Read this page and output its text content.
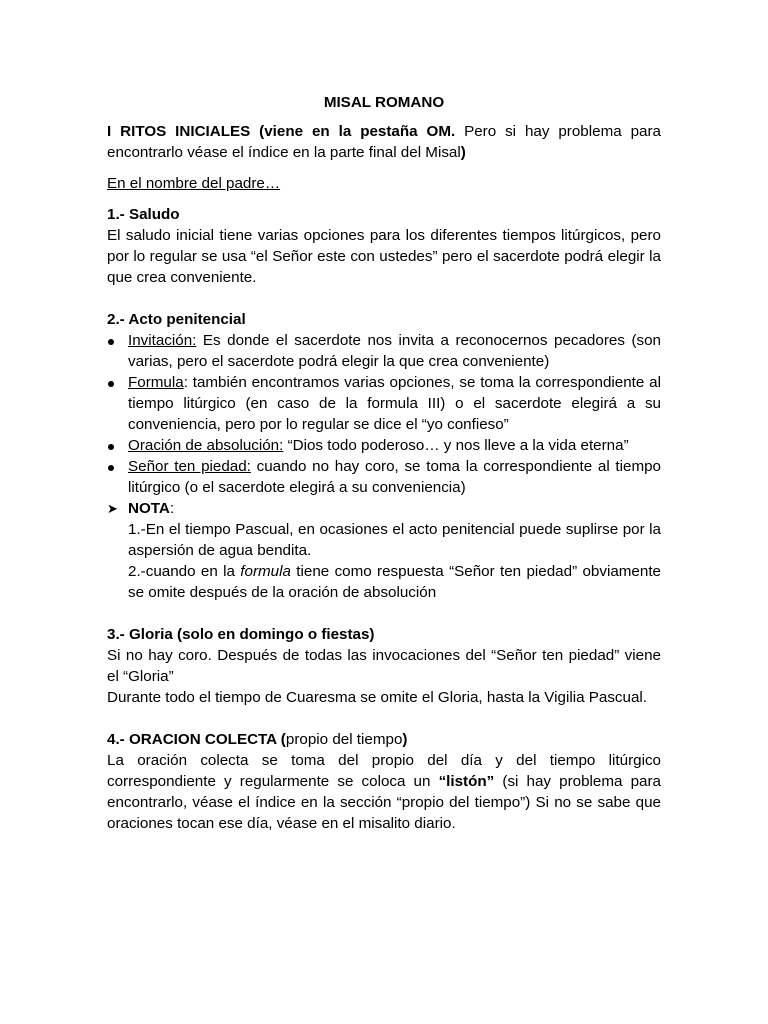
MISAL ROMANO

I RITOS INICIALES (viene en la pestaña OM. Pero si hay problema para encontrarlo véase el índice en la parte final del Misal)

En el nombre del padre…

1.- Saludo

El saludo inicial tiene varias opciones para los diferentes tiempos litúrgicos, pero por lo regular se usa “el Señor este con ustedes” pero el sacerdote podrá elegir la que crea conveniente.

2.- Acto penitencial

Invitación: Es donde el sacerdote nos invita a reconocernos pecadores (son varias, pero el sacerdote podrá elegir la que crea conveniente)
Formula: también encontramos varias opciones, se toma la correspondiente al tiempo litúrgico (en caso de la formula III) o el sacerdote elegirá a su conveniencia, pero por lo regular se dice el “yo confieso”
Oración de absolución: “Dios todo poderoso… y nos lleve a la vida eterna”
Señor ten piedad: cuando no hay coro, se toma la correspondiente al tiempo litúrgico (o el sacerdote elegirá a su conveniencia)
➤ NOTA:

1.-En el tiempo Pascual, en ocasiones el acto penitencial puede suplirse por la aspersión de agua bendita.

2.-cuando en la formula tiene como respuesta “Señor ten piedad” obviamente se omite después de la oración de absolución

3.- Gloria (solo en domingo o fiestas)

Si no hay coro. Después de todas las invocaciones del “Señor ten piedad” viene el “Gloria”

Durante todo el tiempo de Cuaresma se omite el Gloria, hasta la Vigilia Pascual.

4.- ORACION COLECTA (propio del tiempo)

La oración colecta se toma del propio del día y del tiempo litúrgico correspondiente y regularmente se coloca un “listón” (si hay problema para encontrarlo, véase el índice en la sección “propio del tiempo”) Si no se sabe que oraciones tocan ese día, véase en el misalito diario.
